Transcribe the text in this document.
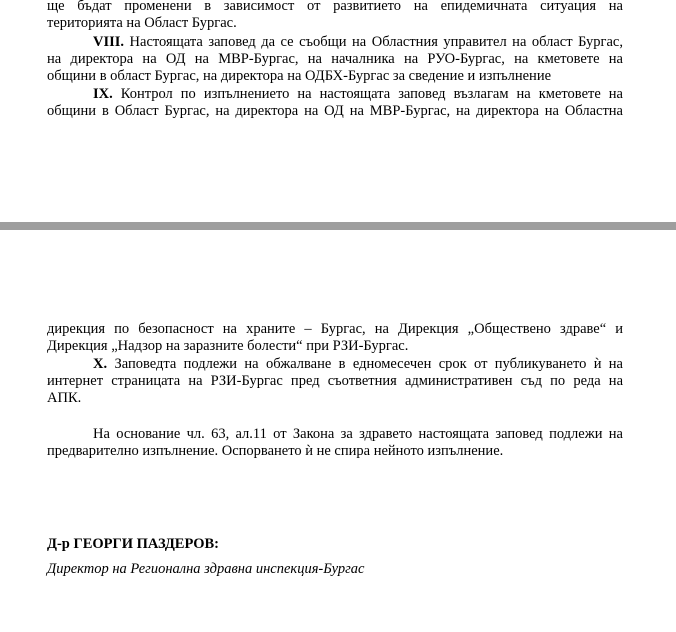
ще бъдат променени в зависимост от развитието на епидемичната ситуация на
територията на Област Бургас.
VIII. Настоящата заповед да се съобщи на Областния управител на област Бургас,
на директора на ОД на МВР-Бургас, на началника на РУО-Бургас, на кметовете на
общини в област Бургас, на директора на ОДБХ-Бургас за сведение и изпълнение
IX. Контрол по изпълнението на настоящата заповед възлагам на кметовете на
общини в Област Бургас, на директора на ОД на МВР-Бургас, на директора на Областна
дирекция по безопасност на храните – Бургас, на Дирекция „Обществено здраве“ и
Дирекция „Надзор на заразните болести“ при РЗИ-Бургас.
X. Заповедта подлежи на обжалване в едномесечен срок от публикуването ѝ на
интернет страницата на РЗИ-Бургас пред съответния административен съд по реда на
АПК.
На основание чл. 63, ал.11 от Закона за здравето настоящата заповед подлежи на
предварително изпълнение. Оспорването ѝ не спира нейното изпълнение.
Д-р ГЕОРГИ ПАЗДЕРОВ:
Директор на Регионална здравна инспекция-Бургас
